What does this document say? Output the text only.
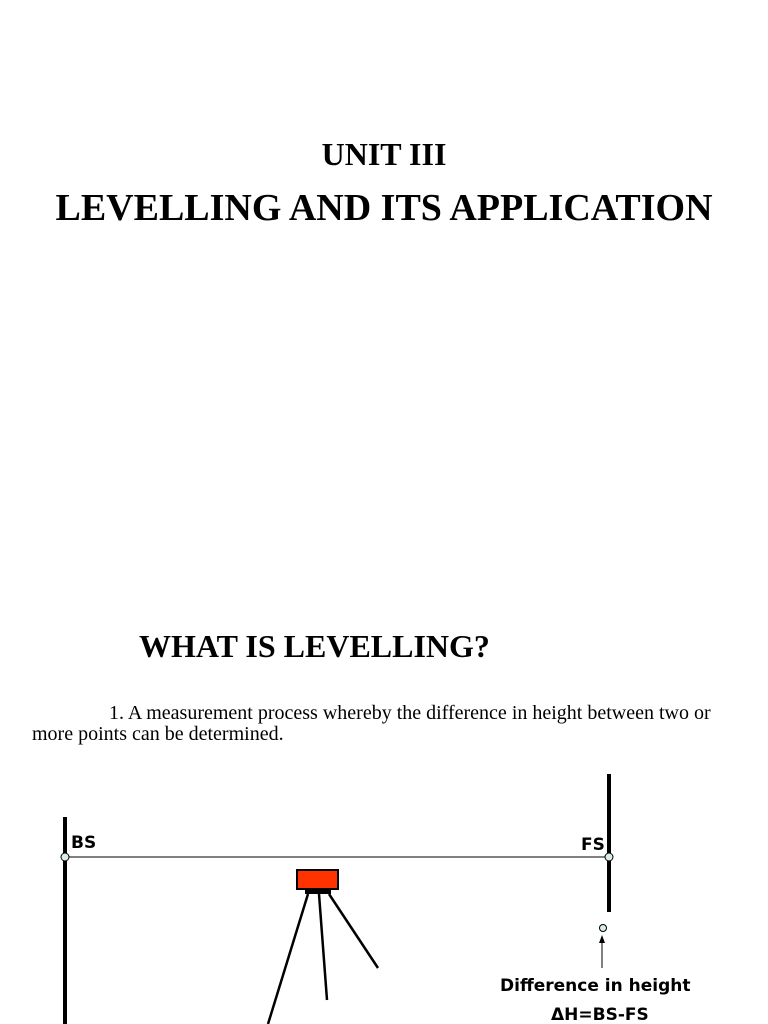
UNIT III
LEVELLING AND ITS APPLICATION
WHAT IS LEVELLING?

1. A measurement process whereby the difference in height between two or more points can be determined.

BS	FS
Difference in height
ΔH=BS-FS
